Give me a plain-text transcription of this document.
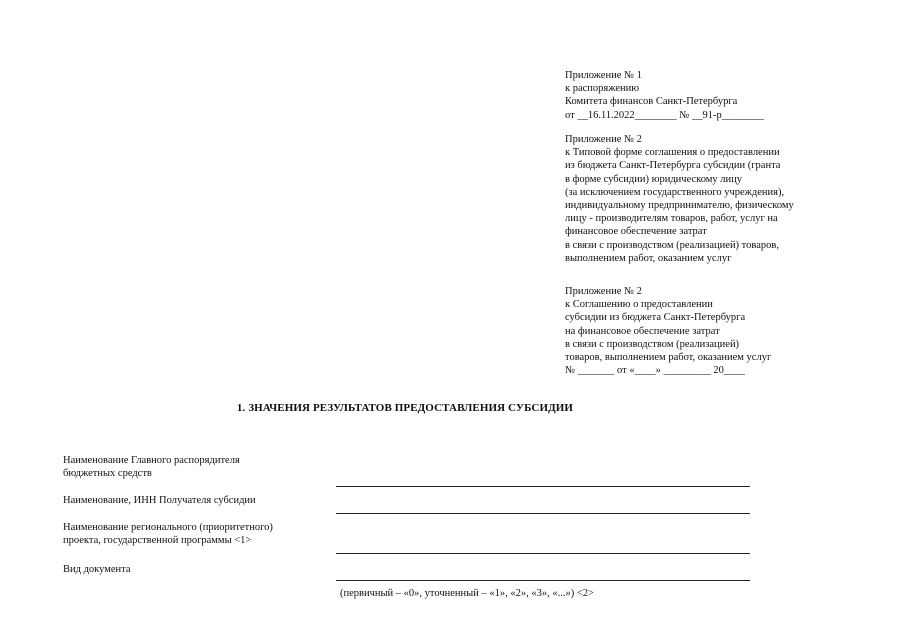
Приложение № 1
к распоряжению
Комитета финансов Санкт-Петербурга
от __16.11.2022________ № __91-р________
Приложение № 2
к Типовой форме соглашения о предоставлении
из бюджета Санкт-Петербурга субсидии (гранта
в форме субсидии) юридическому лицу
(за исключением государственного учреждения),
индивидуальному предпринимателю, физическому
лицу - производителям товаров, работ, услуг на
финансовое обеспечение затрат
в связи с производством (реализацией) товаров,
выполнением работ, оказанием услуг
Приложение № 2
к Соглашению о предоставлении
субсидии из бюджета Санкт-Петербурга
на финансовое обеспечение затрат
в связи с производством (реализацией)
товаров, выполнением работ, оказанием услуг
№ _______ от «____» _________ 20____
1. ЗНАЧЕНИЯ РЕЗУЛЬТАТОВ ПРЕДОСТАВЛЕНИЯ СУБСИДИИ
Наименование Главного распорядителя
бюджетных средств
Наименование, ИНН Получателя субсидии
Наименование регионального (приоритетного)
проекта, государственной программы <1>
Вид документа
(первичный – «0», уточненный – «1», «2», «3», «...») <2>
